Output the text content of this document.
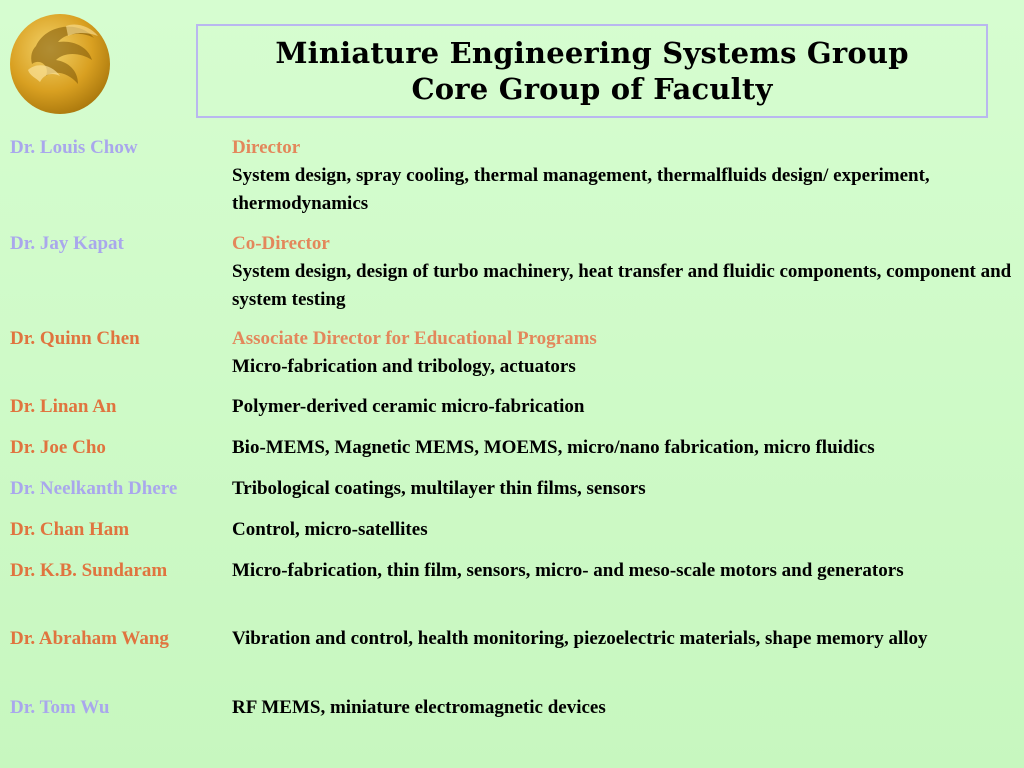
Miniature Engineering Systems Group
Core Group of Faculty
Dr. Louis Chow	Director
System design, spray cooling, thermal management, thermalfluids design/ experiment, thermodynamics
Dr. Jay Kapat	Co-Director
System design, design of turbo machinery, heat transfer and fluidic components, component and system testing
Dr. Quinn Chen	Associate Director for Educational Programs
Micro-fabrication and tribology, actuators
Dr. Linan An	Polymer-derived ceramic micro-fabrication
Dr. Joe Cho	Bio-MEMS, Magnetic MEMS, MOEMS, micro/nano fabrication, micro fluidics
Dr. Neelkanth Dhere	Tribological coatings, multilayer thin films, sensors
Dr. Chan Ham	Control, micro-satellites
Dr. K.B. Sundaram	Micro-fabrication, thin film, sensors, micro- and meso-scale motors and generators
Dr. Abraham Wang	Vibration and control, health monitoring, piezoelectric materials, shape memory alloy
Dr. Tom Wu	RF MEMS, miniature electromagnetic devices
